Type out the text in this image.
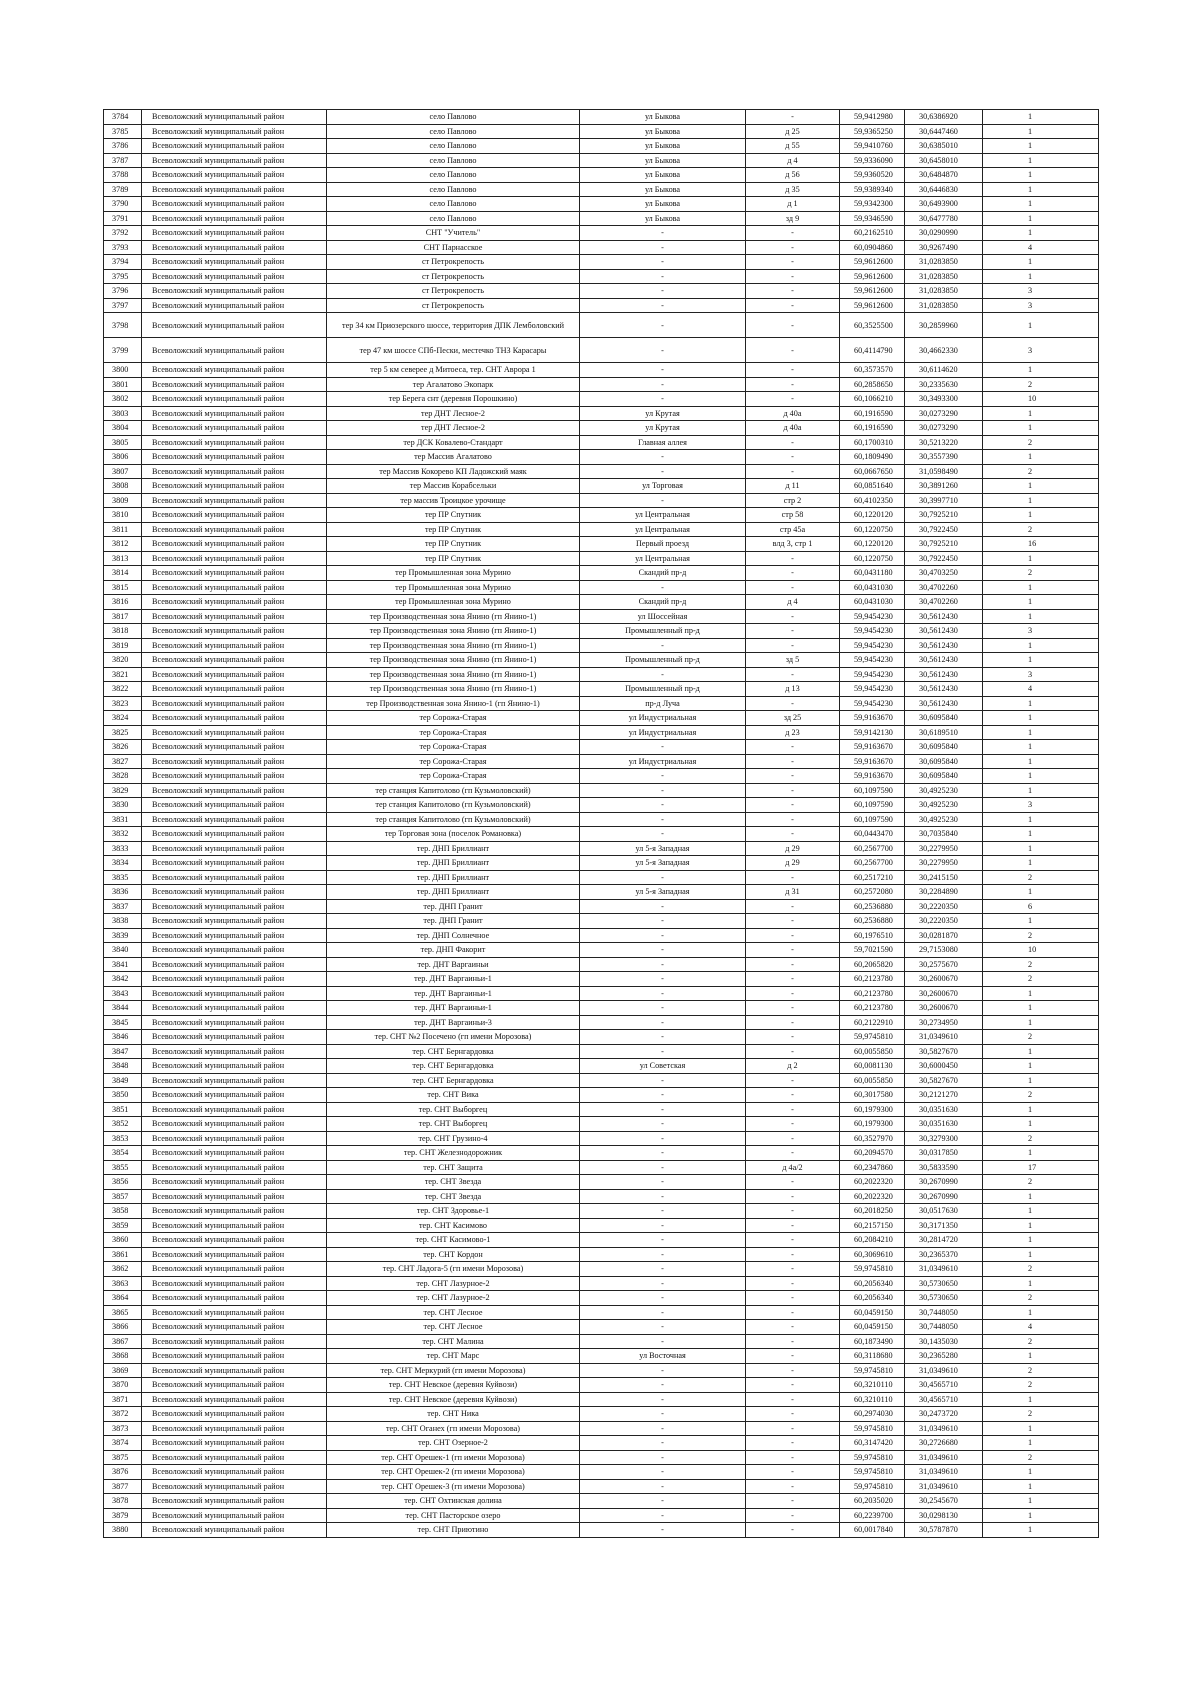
3784	Всеволожский муниципальный район	село Павлово	ул Быкова	-	59,9412980	30,6386920	1
3785	Всеволожский муниципальный район	село Павлово	ул Быкова	д 25	59,9365250	30,6447460	1
3786	Всеволожский муниципальный район	село Павлово	ул Быкова	д 55	59,9410760	30,6385010	1
3787	Всеволожский муниципальный район	село Павлово	ул Быкова	д 4	59,9336090	30,6458010	1
3788	Всеволожский муниципальный район	село Павлово	ул Быкова	д 56	59,9360520	30,6484870	1
3789	Всеволожский муниципальный район	село Павлово	ул Быкова	д 35	59,9389340	30,6446830	1
3790	Всеволожский муниципальный район	село Павлово	ул Быкова	д 1	59,9342300	30,6493900	1
3791	Всеволожский муниципальный район	село Павлово	ул Быкова	зд 9	59,9346590	30,6477780	1
3792	Всеволожский муниципальный район	СНТ "Учитель"	-	-	60,2162510	30,0290990	1
3793	Всеволожский муниципальный район	СНТ Парнасское	-	-	60,0904860	30,9267490	4
3794	Всеволожский муниципальный район	ст Петрокрепость	-	-	59,9612600	31,0283850	1
3795	Всеволожский муниципальный район	ст Петрокрепость	-	-	59,9612600	31,0283850	1
3796	Всеволожский муниципальный район	ст Петрокрепость	-	-	59,9612600	31,0283850	3
3797	Всеволожский муниципальный район	ст Петрокрепость	-	-	59,9612600	31,0283850	3
3798	Всеволожский муниципальный район	тер 34 км Приозерского шоссе, территория ДПК Лемболовский	-	-	60,3525500	30,2859960	1
3799	Всеволожский муниципальный район	тер 47 км шоссе СПб-Пески, местечко ТНЗ Карасары	-	-	60,4114790	30,4662330	3
3800	Всеволожский муниципальный район	тер 5 км северее д Митоеса, тер. СНТ Аврора 1	-	-	60,3573570	30,6114620	1
3801	Всеволожский муниципальный район	тер Агалатово Экопарк	-	-	60,2858650	30,2335630	2
3802	Всеволожский муниципальный район	тер Берега снт (деревня Порошкино)	-	-	60,1066210	30,3493300	10
3803	Всеволожский муниципальный район	тер ДНТ Лесное-2	ул Крутая	д 40а	60,1916590	30,0273290	1
3804	Всеволожский муниципальный район	тер ДНТ Лесное-2	ул Крутая	д 40а	60,1916590	30,0273290	1
3805	Всеволожский муниципальный район	тер ДСК Ковалево-Стандарт	Главная аллея	-	60,1700310	30,5213220	2
3806	Всеволожский муниципальный район	тер Массив Агалатово	-	-	60,1809490	30,3557390	1
3807	Всеволожский муниципальный район	тер Массив Кокорево КП Ладожский маяк	-	-	60,0667650	31,0598490	2
3808	Всеволожский муниципальный район	тер Массив Корабсельки	ул Торговая	д 11	60,0851640	30,3891260	1
3809	Всеволожский муниципальный район	тер массив Троицкое урочище	-	стр 2	60,4102350	30,3997710	1
3810	Всеволожский муниципальный район	тер ПР Спутник	ул Центральная	стр 58	60,1220120	30,7925210	1
3811	Всеволожский муниципальный район	тер ПР Спутник	ул Центральная	стр 45а	60,1220750	30,7922450	2
3812	Всеволожский муниципальный район	тер ПР Спутник	Первый проезд	влд 3, стр 1	60,1220120	30,7925210	16
3813	Всеволожский муниципальный район	тер ПР Спутник	ул Центральная	-	60,1220750	30,7922450	1
3814	Всеволожский муниципальный район	тер Промышленная зона Мурино	Скандий пр-д	-	60,0431180	30,4703250	2
3815	Всеволожский муниципальный район	тер Промышленная зона Мурино	-	-	60,0431030	30,4702260	1
3816	Всеволожский муниципальный район	тер Промышленная зона Мурино	Скандий пр-д	д 4	60,0431030	30,4702260	1
3817	Всеволожский муниципальный район	тер Производственная зона Янино (гп Янино-1)	ул Шоссейная	-	59,9454230	30,5612430	1
3818	Всеволожский муниципальный район	тер Производственная зона Янино (гп Янино-1)	Промышленный пр-д	-	59,9454230	30,5612430	3
3819	Всеволожский муниципальный район	тер Производственная зона Янино (гп Янино-1)	-	-	59,9454230	30,5612430	1
3820	Всеволожский муниципальный район	тер Производственная зона Янино (гп Янино-1)	Промышленный пр-д	зд 5	59,9454230	30,5612430	1
3821	Всеволожский муниципальный район	тер Производственная зона Янино (гп Янино-1)	-	-	59,9454230	30,5612430	3
3822	Всеволожский муниципальный район	тер Производственная зона Янино (гп Янино-1)	Промышленный пр-д	д 13	59,9454230	30,5612430	4
3823	Всеволожский муниципальный район	тер Производственная зона Янино-1 (гп Янино-1)	пр-д Луча	-	59,9454230	30,5612430	1
3824	Всеволожский муниципальный район	тер Сорожа-Старая	ул Индустриальная	зд 25	59,9163670	30,6095840	1
3825	Всеволожский муниципальный район	тер Сорожа-Старая	ул Индустриальная	д 23	59,9142130	30,6189510	1
3826	Всеволожский муниципальный район	тер Сорожа-Старая	-	-	59,9163670	30,6095840	1
3827	Всеволожский муниципальный район	тер Сорожа-Старая	ул Индустриальная	-	59,9163670	30,6095840	1
3828	Всеволожский муниципальный район	тер Сорожа-Старая	-	-	59,9163670	30,6095840	1
3829	Всеволожский муниципальный район	тер станция Капитолово (гп Кузьмоловский)	-	-	60,1097590	30,4925230	1
3830	Всеволожский муниципальный район	тер станция Капитолово (гп Кузьмоловский)	-	-	60,1097590	30,4925230	3
3831	Всеволожский муниципальный район	тер станция Капитолово (гп Кузьмоловский)	-	-	60,1097590	30,4925230	1
3832	Всеволожский муниципальный район	тер Торговая зона (поселок Романовка)	-	-	60,0443470	30,7035840	1
3833	Всеволожский муниципальный район	тер. ДНП Бриллиант	ул 5-я Западная	д 29	60,2567700	30,2279950	1
3834	Всеволожский муниципальный район	тер. ДНП Бриллиант	ул 5-я Западная	д 29	60,2567700	30,2279950	1
3835	Всеволожский муниципальный район	тер. ДНП Бриллиант	-	-	60,2517210	30,2415150	2
3836	Всеволожский муниципальный район	тер. ДНП Бриллиант	ул 5-я Западная	д 31	60,2572080	30,2284890	1
3837	Всеволожский муниципальный район	тер. ДНП Гранит	-	-	60,2536880	30,2220350	6
3838	Всеволожский муниципальный район	тер. ДНП Гранит	-	-	60,2536880	30,2220350	1
3839	Всеволожский муниципальный район	тер. ДНП Солнечное	-	-	60,1976510	30,0281870	2
3840	Всеволожский муниципальный район	тер. ДНП Факорит	-	-	59,7021590	29,7153080	10
3841	Всеволожский муниципальный район	тер. ДНТ Варгаиньи	-	-	60,2065820	30,2575670	2
3842	Всеволожский муниципальный район	тер. ДНТ Варгаиньи-1	-	-	60,2123780	30,2600670	2
3843	Всеволожский муниципальный район	тер. ДНТ Варгаиньи-1	-	-	60,2123780	30,2600670	1
3844	Всеволожский муниципальный район	тер. ДНТ Варгаиньи-1	-	-	60,2123780	30,2600670	1
3845	Всеволожский муниципальный район	тер. ДНТ Варгаиньи-3	-	-	60,2122910	30,2734950	1
3846	Всеволожский муниципальный район	тер. СНТ №2 Посечено (гп имени Морозова)	-	-	59,9745810	31,0349610	2
3847	Всеволожский муниципальный район	тер. СНТ Бернгардовка	-	-	60,0055850	30,5827670	1
3848	Всеволожский муниципальный район	тер. СНТ Бернгардовка	ул Советская	д 2	60,0081130	30,6000450	1
3849	Всеволожский муниципальный район	тер. СНТ Бернгардовка	-	-	60,0055850	30,5827670	1
3850	Всеволожский муниципальный район	тер. СНТ Вика	-	-	60,3017580	30,2121270	2
3851	Всеволожский муниципальный район	тер. СНТ Выборгец	-	-	60,1979300	30,0351630	1
3852	Всеволожский муниципальный район	тер. СНТ Выборгец	-	-	60,1979300	30,0351630	1
3853	Всеволожский муниципальный район	тер. СНТ Грузино-4	-	-	60,3527970	30,3279300	2
3854	Всеволожский муниципальный район	тер. СНТ Железнодорожник	-	-	60,2094570	30,0317850	1
3855	Всеволожский муниципальный район	тер. СНТ Защита	-	д 4а/2	60,2347860	30,5833590	17
3856	Всеволожский муниципальный район	тер. СНТ Звезда	-	-	60,2022320	30,2670990	2
3857	Всеволожский муниципальный район	тер. СНТ Звезда	-	-	60,2022320	30,2670990	1
3858	Всеволожский муниципальный район	тер. СНТ Здоровье-1	-	-	60,2018250	30,0517630	1
3859	Всеволожский муниципальный район	тер. СНТ Касимово	-	-	60,2157150	30,3171350	1
3860	Всеволожский муниципальный район	тер. СНТ Касимово-1	-	-	60,2084210	30,2814720	1
3861	Всеволожский муниципальный район	тер. СНТ Кордон	-	-	60,3069610	30,2365370	1
3862	Всеволожский муниципальный район	тер. СНТ Ладога-5 (гп имени Морозова)	-	-	59,9745810	31,0349610	2
3863	Всеволожский муниципальный район	тер. СНТ Лазурное-2	-	-	60,2056340	30,5730650	1
3864	Всеволожский муниципальный район	тер. СНТ Лазурное-2	-	-	60,2056340	30,5730650	2
3865	Всеволожский муниципальный район	тер. СНТ Лесное	-	-	60,0459150	30,7448050	1
3866	Всеволожский муниципальный район	тер. СНТ Лесное	-	-	60,0459150	30,7448050	4
3867	Всеволожский муниципальный район	тер. СНТ Малина	-	-	60,1873490	30,1435030	2
3868	Всеволожский муниципальный район	тер. СНТ Марс	ул Восточная	-	60,3118680	30,2365280	1
3869	Всеволожский муниципальный район	тер. СНТ Меркурий (гп имени Морозова)	-	-	59,9745810	31,0349610	2
3870	Всеволожский муниципальный район	тер. СНТ Невское (деревня Куйвози)	-	-	60,3210110	30,4565710	2
3871	Всеволожский муниципальный район	тер. СНТ Невское (деревня Куйвози)	-	-	60,3210110	30,4565710	1
3872	Всеволожский муниципальный район	тер. СНТ Ника	-	-	60,2974030	30,2473720	2
3873	Всеволожский муниципальный район	тер. СНТ Оганех (гп имени Морозова)	-	-	59,9745810	31,0349610	1
3874	Всеволожский муниципальный район	тер. СНТ Озерное-2	-	-	60,3147420	30,2726680	1
3875	Всеволожский муниципальный район	тер. СНТ Орешек-1 (гп имени Морозова)	-	-	59,9745810	31,0349610	2
3876	Всеволожский муниципальный район	тер. СНТ Орешек-2 (гп имени Морозова)	-	-	59,9745810	31,0349610	1
3877	Всеволожский муниципальный район	тер. СНТ Орешек-3 (гп имени Морозова)	-	-	59,9745810	31,0349610	1
3878	Всеволожский муниципальный район	тер. СНТ Охтинская долина	-	-	60,2035020	30,2545670	1
3879	Всеволожский муниципальный район	тер. СНТ Пасторское озеро	-	-	60,2239700	30,0298130	1
3880	Всеволожский муниципальный район	тер. СНТ Приютино	-	-	60,0017840	30,5787870	1
